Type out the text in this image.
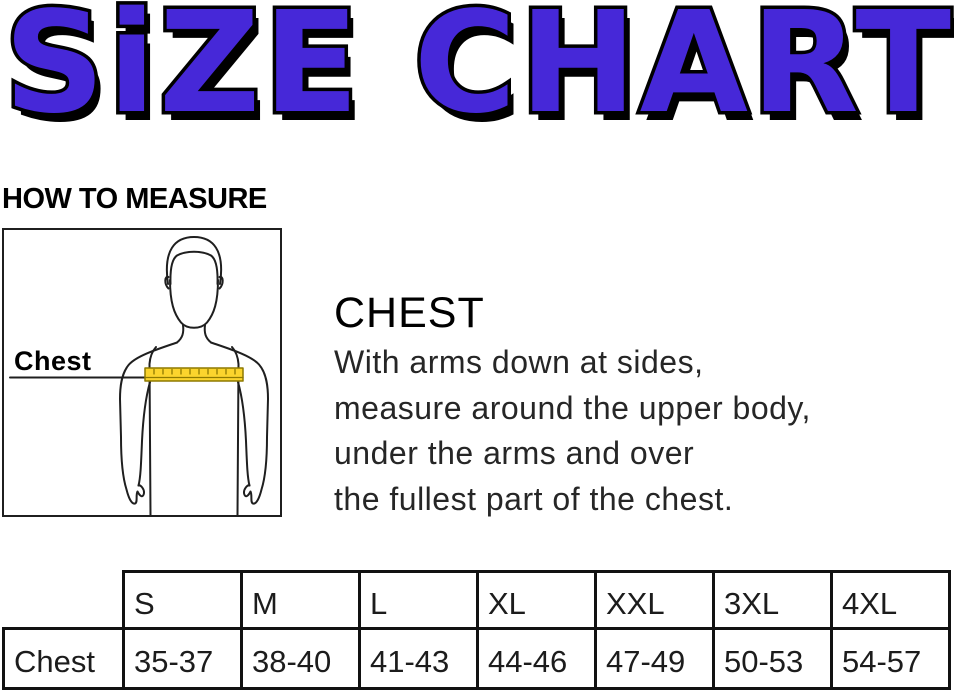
SiZE CHART
HOW TO MEASURE
Chest
CHEST
With arms down at sides,
measure around the upper body,
under the arms and over
the fullest part of the chest.
	S	M	L	XL	XXL	3XL	4XL
Chest	35-37	38-40	41-43	44-46	47-49	50-53	54-57
